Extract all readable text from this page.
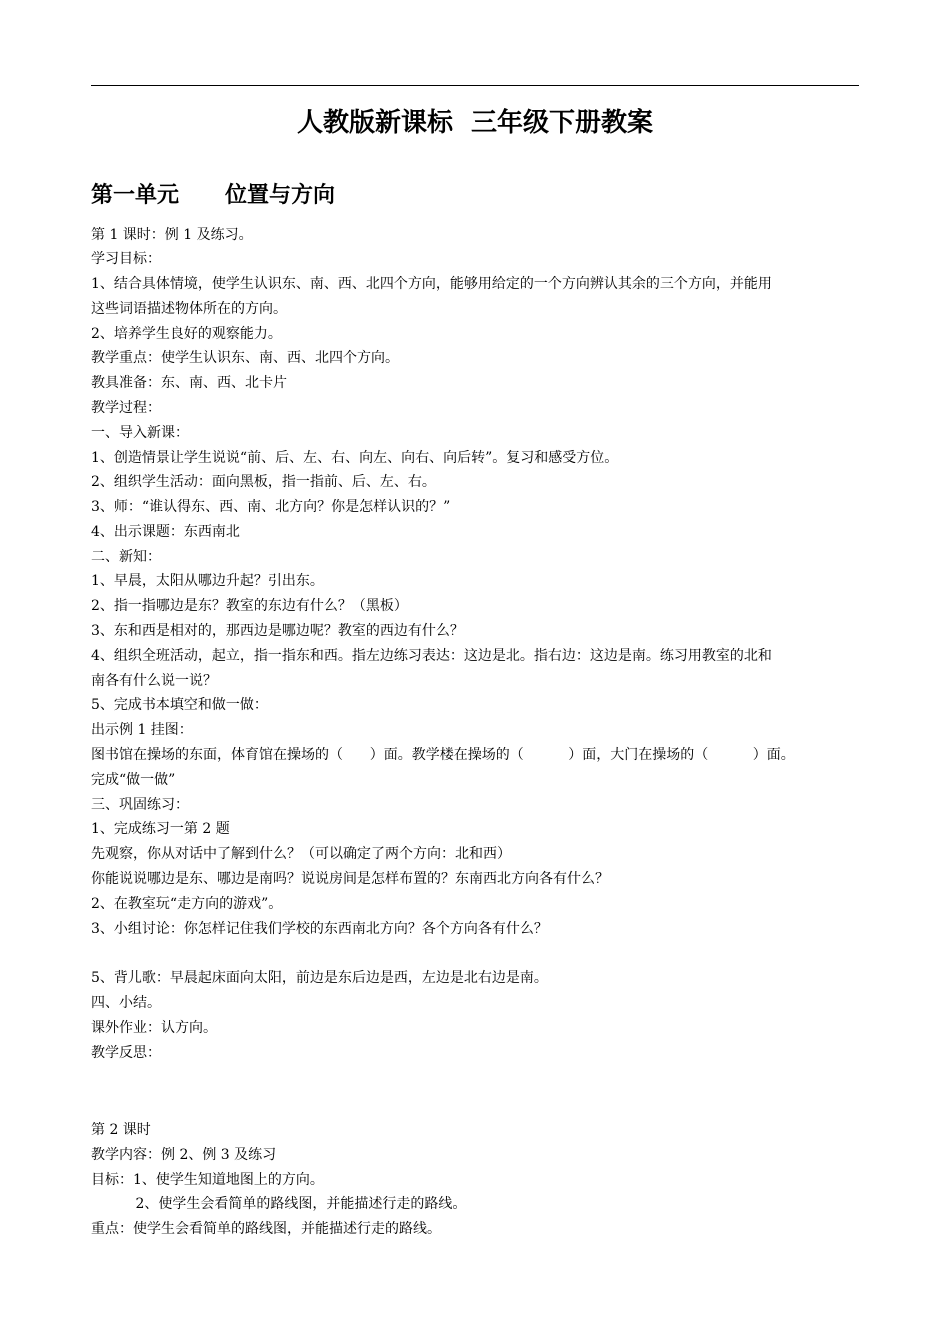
人教版新课标  三年级下册教案
第一单元      位置与方向
第 1 课时：例 1 及练习。
学习目标：
1、结合具体情境，使学生认识东、南、西、北四个方向，能够用给定的一个方向辨认其余的三个方向，并能用
这些词语描述物体所在的方向。
2、培养学生良好的观察能力。
教学重点：使学生认识东、南、西、北四个方向。
教具准备：东、南、西、北卡片
教学过程：
一、导入新课：
1、创造情景让学生说说“前、后、左、右、向左、向右、向后转”。复习和感受方位。
2、组织学生活动：面向黑板，指一指前、后、左、右。
3、师：“谁认得东、西、南、北方向？你是怎样认识的？”
4、出示课题：东西南北
二、新知：
1、早晨，太阳从哪边升起？引出东。
2、指一指哪边是东？教室的东边有什么？（黑板）
3、东和西是相对的，那西边是哪边呢？教室的西边有什么？
4、组织全班活动，起立，指一指东和西。指左边练习表达：这边是北。指右边：这边是南。练习用教室的北和
南各有什么说一说？
5、完成书本填空和做一做：
出示例 1 挂图：
图书馆在操场的东面，体育馆在操场的（      ）面。教学楼在操场的（          ）面，大门在操场的（          ）面。
完成“做一做”
三、巩固练习：
1、完成练习一第 2 题
先观察，你从对话中了解到什么？（可以确定了两个方向：北和西）
你能说说哪边是东、哪边是南吗？说说房间是怎样布置的？东南西北方向各有什么？
2、在教室玩“走方向的游戏”。
3、小组讨论：你怎样记住我们学校的东西南北方向？各个方向各有什么？
5、背儿歌：早晨起床面向太阳，前边是东后边是西，左边是北右边是南。
四、小结。
课外作业：认方向。
教学反思：
第 2 课时
教学内容：例 2、例 3 及练习
目标：1、使学生知道地图上的方向。
2、使学生会看简单的路线图，并能描述行走的路线。
重点：使学生会看简单的路线图，并能描述行走的路线。
